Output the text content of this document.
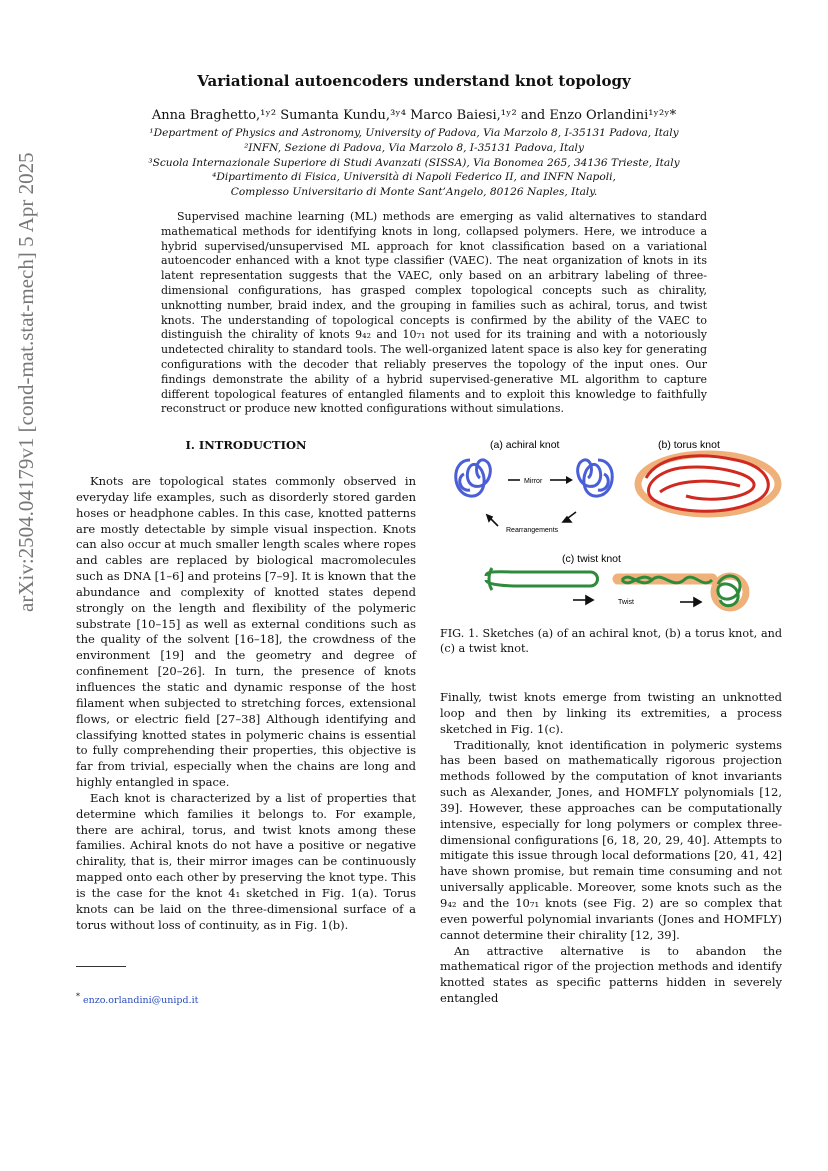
arXiv:2504.04179v1 [cond-mat.stat-mech] 5 Apr 2025
Variational autoencoders understand knot topology
Anna Braghetto,¹ʸ² Sumanta Kundu,³ʸ⁴ Marco Baiesi,¹ʸ² and Enzo Orlandini¹ʸ²ʸ*
¹Department of Physics and Astronomy, University of Padova, Via Marzolo 8, I-35131 Padova, Italy
²INFN, Sezione di Padova, Via Marzolo 8, I-35131 Padova, Italy
³Scuola Internazionale Superiore di Studi Avanzati (SISSA), Via Bonomea 265, 34136 Trieste, Italy
⁴Dipartimento di Fisica, Università di Napoli Federico II, and INFN Napoli,
Complesso Universitario di Monte Sant’Angelo, 80126 Naples, Italy.

Supervised machine learning (ML) methods are emerging as valid alternatives to standard mathematical methods for identifying knots in long, collapsed polymers. Here, we introduce a hybrid supervised/unsupervised ML approach for knot classification based on a variational autoencoder enhanced with a knot type classifier (VAEC). The neat organization of knots in its latent representation suggests that the VAEC, only based on an arbitrary labeling of three-dimensional configurations, has grasped complex topological concepts such as chirality, unknotting number, braid index, and the grouping in families such as achiral, torus, and twist knots. The understanding of topological concepts is confirmed by the ability of the VAEC to distinguish the chirality of knots 9₄₂ and 10₇₁ not used for its training and with a notoriously undetected chirality to standard tools. The well-organized latent space is also key for generating configurations with the decoder that reliably preserves the topology of the input ones. Our findings demonstrate the ability of a hybrid supervised-generative ML algorithm to capture different topological features of entangled filaments and to exploit this knowledge to faithfully reconstruct or produce new knotted configurations without simulations.

I. INTRODUCTION

Knots are topological states commonly observed in everyday life examples, such as disorderly stored garden hoses or headphone cables. In this case, knotted patterns are mostly detectable by simple visual inspection. Knots can also occur at much smaller length scales where ropes and cables are replaced by biological macromolecules such as DNA [1–6] and proteins [7–9]. It is known that the abundance and complexity of knotted states depend strongly on the length and flexibility of the polymeric substrate [10–15] as well as external conditions such as the quality of the solvent [16–18], the crowdness of the environment [19] and the geometry and degree of confinement [20–26]. In turn, the presence of knots influences the static and dynamic response of the host filament when subjected to stretching forces, extensional flows, or electric field [27–38] Although identifying and classifying knotted states in polymeric chains is essential to fully comprehending their properties, this objective is far from trivial, especially when the chains are long and highly entangled in space.

Each knot is characterized by a list of properties that determine which families it belongs to. For example, there are achiral, torus, and twist knots among these families. Achiral knots do not have a positive or negative chirality, that is, their mirror images can be continuously mapped onto each other by preserving the knot type. This is the case for the knot 4₁ sketched in Fig. 1(a). Torus knots can be laid on the three-dimensional surface of a torus without loss of continuity, as in Fig. 1(b).

(a) achiral knot	(b) torus knot
Mirror
Rearrangements
(c) twist knot
Twist
FIG. 1. Sketches (a) of an achiral knot, (b) a torus knot, and (c) a twist knot.

Finally, twist knots emerge from twisting an unknotted loop and then by linking its extremities, a process sketched in Fig. 1(c).

Traditionally, knot identification in polymeric systems has been based on mathematically rigorous projection methods followed by the computation of knot invariants such as Alexander, Jones, and HOMFLY polynomials [12, 39]. However, these approaches can be computationally intensive, especially for long polymers or complex three-dimensional configurations [6, 18, 20, 29, 40]. Attempts to mitigate this issue through local deformations [20, 41, 42] have shown promise, but remain time consuming and not universally applicable. Moreover, some knots such as the 9₄₂ and the 10₇₁ knots (see Fig. 2) are so complex that even powerful polynomial invariants (Jones and HOMFLY) cannot determine their chirality [12, 39].

An attractive alternative is to abandon the mathematical rigor of the projection methods and identify knotted states as specific patterns hidden in severely entangled

* enzo.orlandini@unipd.it
